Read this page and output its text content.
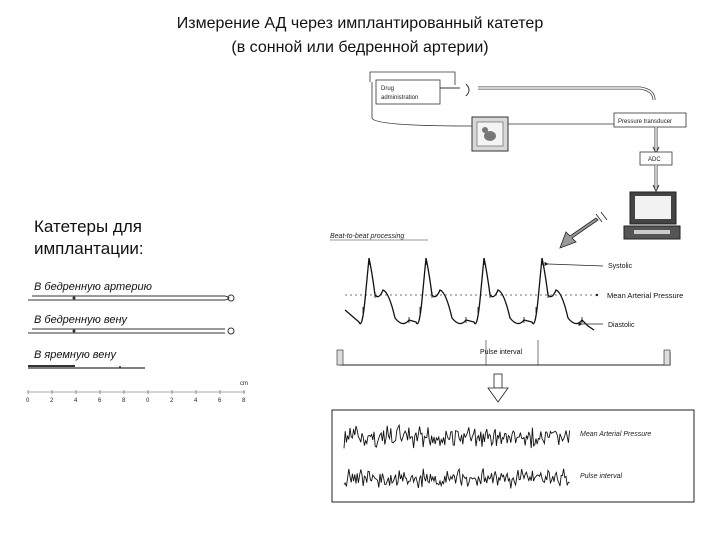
Измерение АД через имплантированный катетер
(в сонной или бедренной артерии)
Катетеры для имплантации:
В бедренную артерию
В бедренную вену
В яремную вену
0	2	4	6	8	0	2	4	6	8
cm
Drug
administration
Pressure transducer
ADC
Beat-to-beat processing
Systolic
Mean Arterial Pressure
Diastolic
Pulse interval
Mean Arterial Pressure
Pulse interval
